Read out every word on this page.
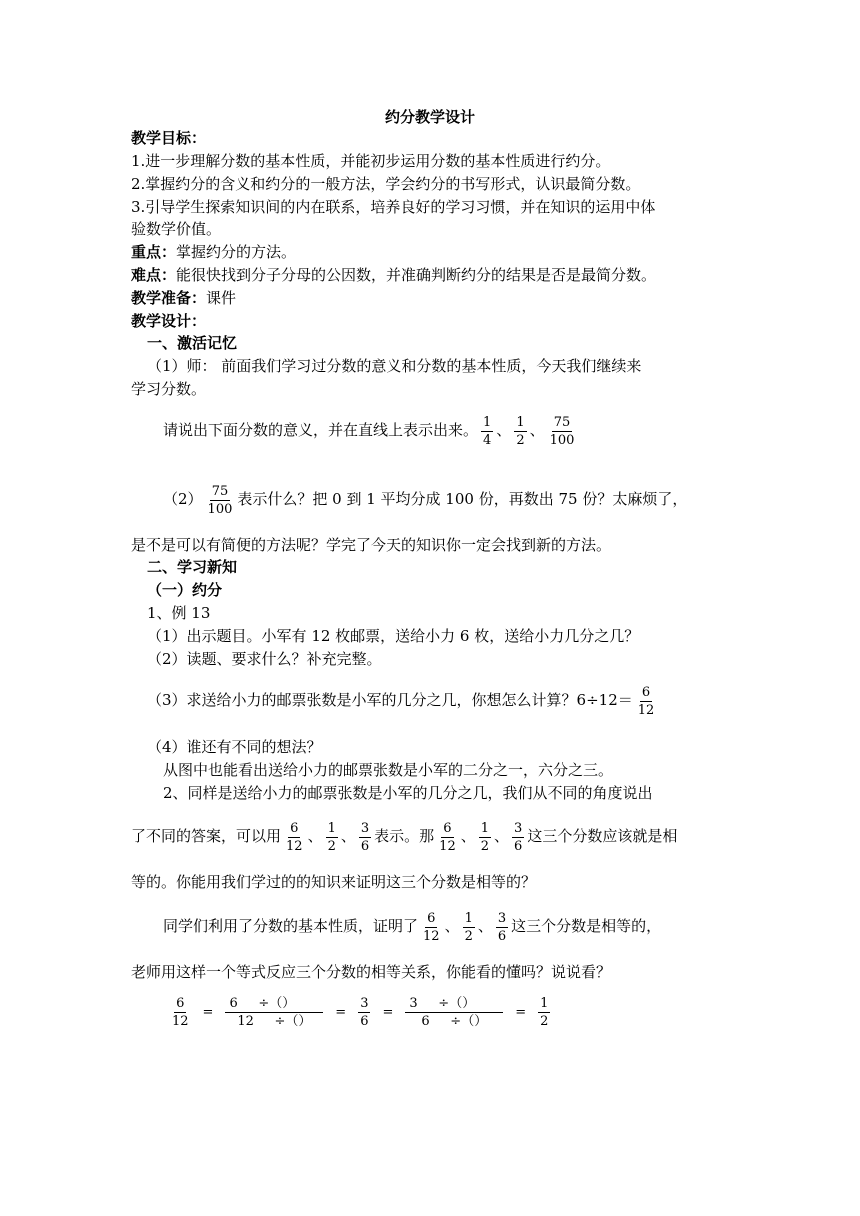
约分教学设计
教学目标：
1.进一步理解分数的基本性质，并能初步运用分数的基本性质进行约分。
2.掌握约分的含义和约分的一般方法，学会约分的书写形式，认识最简分数。
3.引导学生探索知识间的内在联系，培养良好的学习习惯，并在知识的运用中体
验数学价值。
重点：掌握约分的方法。
难点：能很快找到分子分母的公因数，并准确判断约分的结果是否是最简分数。
教学准备：课件
教学设计：
一、激活记忆
（1）师： 前面我们学习过分数的意义和分数的基本性质，今天我们继续来
学习分数。
请说出下面分数的意义，并在直线上表示出来。 $\frac{1}{4}$ 、 $\frac{1}{2}$ 、 $\frac{75}{100}$
$(2) \frac{75}{100}$ 表示什么？把 0 到 1 平均分成 100 份，再数出 75 份？太麻烦了，
是不是可以有简便的方法呢？学完了今天的知识你一定会找到新的方法。
二、学习新知
（一）约分
1、例 13
（1）出示题目。小军有 12 枚邮票，送给小力 6 枚，送给小力几分之几？
（2）读题、要求什么？补充完整。
（3）求送给小力的邮票张数是小军的几分之几，你想怎么计算？$6\div 12= \frac{6}{12}$
（4）谁还有不同的想法？
从图中也能看出送给小力的邮票张数是小军的二分之一，六分之三。
2、同样是送给小力的邮票张数是小军的几分之几，我们从不同的角度说出
了不同的答案，可以用 $\frac{6}{12}$ 、 $\frac{1}{2}$ 、 $\frac{3}{6}$ 表示。那 $\frac{6}{12}$ 、 $\frac{1}{2}$ 、 $\frac{3}{6}$ 这三个分数应该就是相
等的。你能用我们学过的的知识来证明这三个分数是相等的？
同学们利用了分数的基本性质，证明了 $\frac{6}{12}$ 、 $\frac{1}{2}$ 、 $\frac{3}{6}$ 这三个分数是相等的，
老师用这样一个等式反应三个分数的相等关系，你能看的懂吗？说说看？
$\frac{6}{12} = \frac{6 \div()}{12 \div()} = \frac{3}{6} = \frac{3 \div()}{6 \div()} = \frac{1}{2}$
